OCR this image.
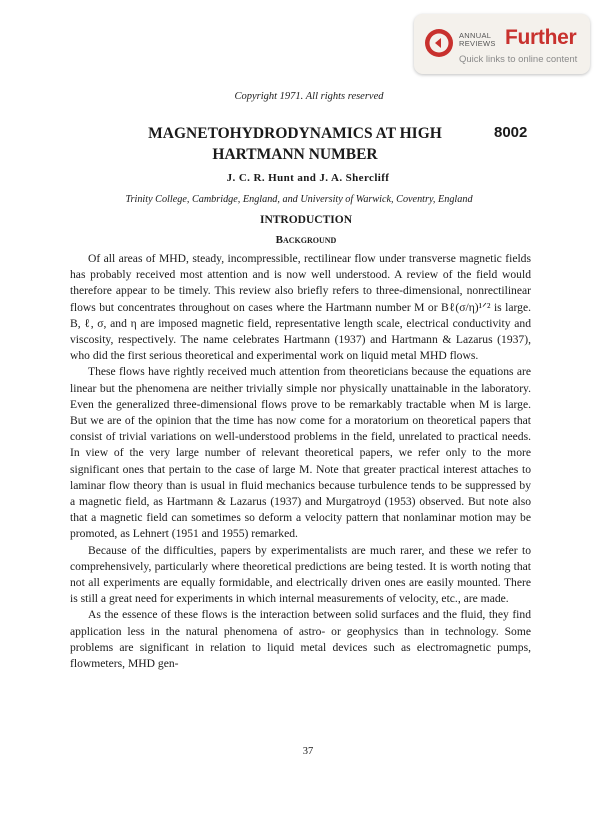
ANNUAL
REVIEWS Further
Quick links to online content
Copyright 1971. All rights reserved
MAGNETOHYDRODYNAMICS AT HIGH
HARTMANN NUMBER
8002
J. C. R. Hunt and J. A. Shercliff
Trinity College, Cambridge, England, and University of Warwick, Coventry, England
INTRODUCTION
Background

Of all areas of MHD, steady, incompressible, rectilinear flow under transverse magnetic fields has probably received most attention and is now well understood. A review of the field would therefore appear to be timely. This review also briefly refers to three-dimensional, nonrectilinear flows but concentrates throughout on cases where the Hartmann number M or Bℓ(σ/η)¹ᐟ² is large. B, ℓ, σ, and η are imposed magnetic field, representative length scale, electrical conductivity and viscosity, respectively. The name celebrates Hartmann (1937) and Hartmann & Lazarus (1937), who did the first serious theoretical and experimental work on liquid metal MHD flows.

These flows have rightly received much attention from theoreticians because the equations are linear but the phenomena are neither trivially simple nor physically unattainable in the laboratory. Even the generalized three-dimensional flows prove to be remarkably tractable when M is large. But we are of the opinion that the time has now come for a moratorium on theoretical papers that consist of trivial variations on well-understood problems in the field, unrelated to practical needs. In view of the very large number of relevant theoretical papers, we refer only to the more significant ones that pertain to the case of large M. Note that greater practical interest attaches to laminar flow theory than is usual in fluid mechanics because turbulence tends to be suppressed by a magnetic field, as Hartmann & Lazarus (1937) and Murgatroyd (1953) observed. But note also that a magnetic field can sometimes so deform a velocity pattern that nonlaminar motion may be promoted, as Lehnert (1951 and 1955) remarked.

Because of the difficulties, papers by experimentalists are much rarer, and these we refer to comprehensively, particularly where theoretical predictions are being tested. It is worth noting that not all experiments are equally formidable, and electrically driven ones are easily mounted. There is still a great need for experiments in which internal measurements of velocity, etc., are made.

As the essence of these flows is the interaction between solid surfaces and the fluid, they find application less in the natural phenomena of astro- or geophysics than in technology. Some problems are significant in relation to liquid metal devices such as electromagnetic pumps, flowmeters, MHD gen-

37
